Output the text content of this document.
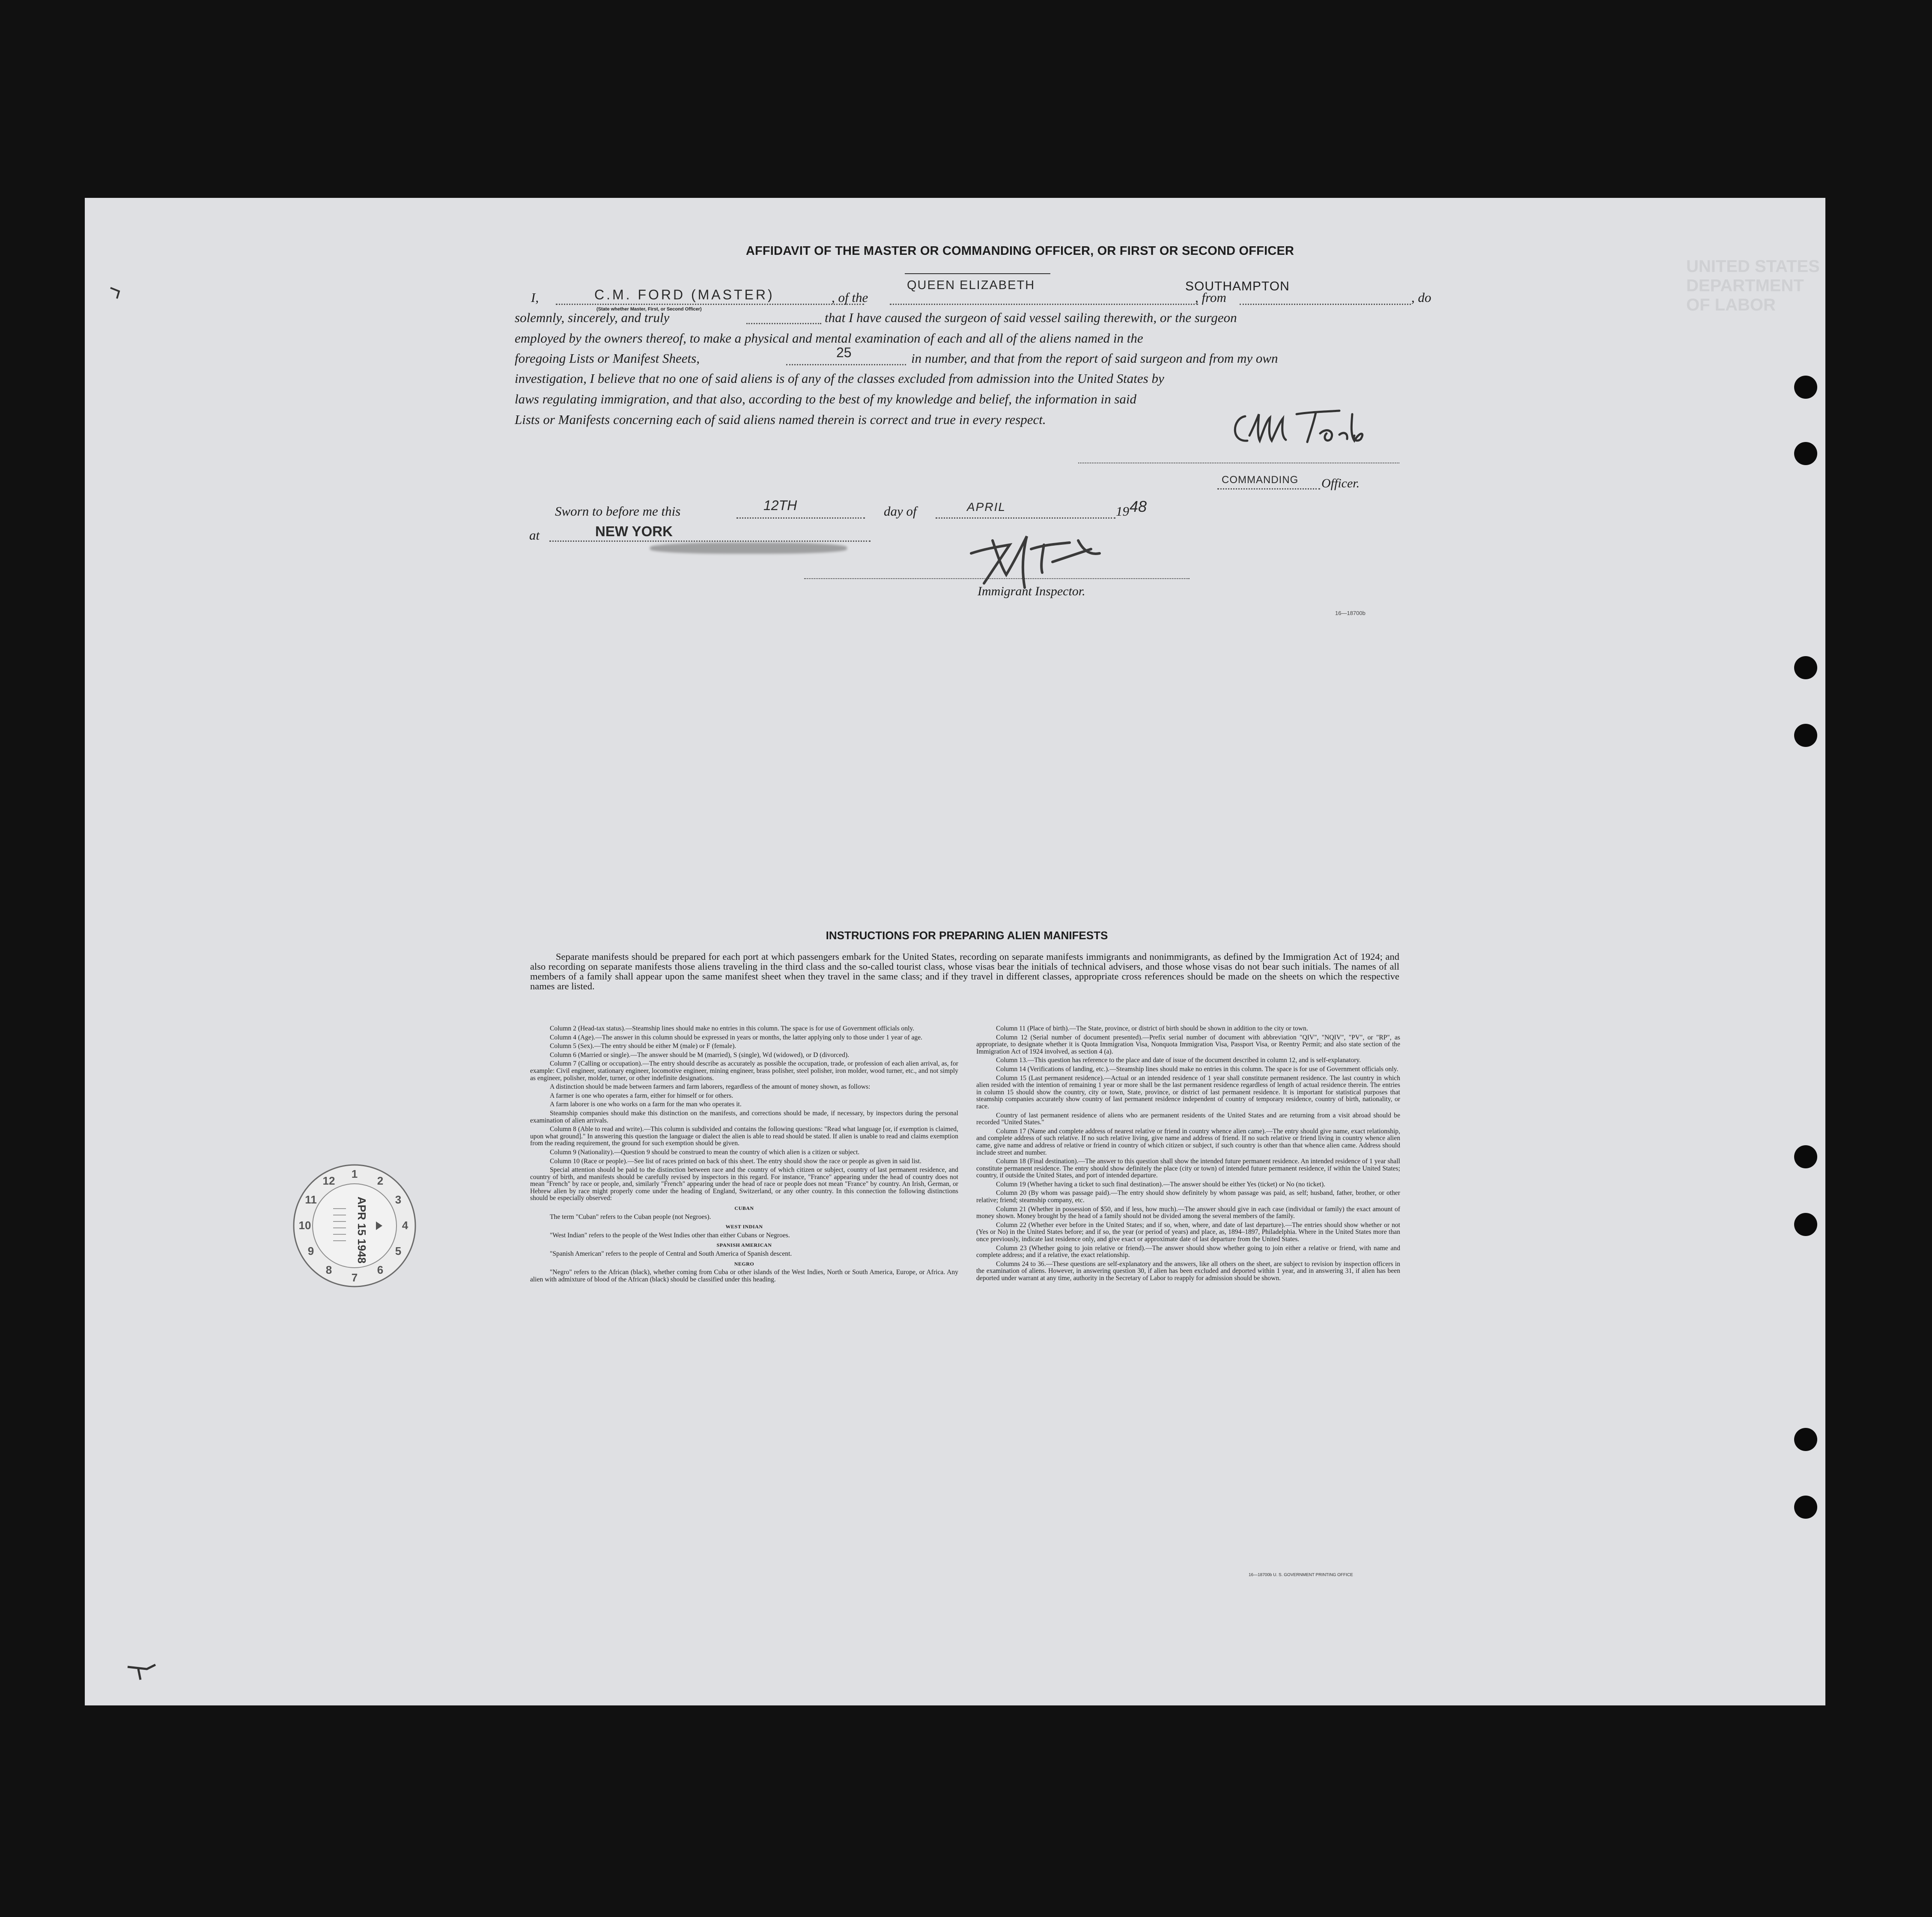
UNITED STATES DEPARTMENT OF LABOR
AFFIDAVIT OF THE MASTER OR COMMANDING OFFICER, OR FIRST OR SECOND OFFICER
I,	C.M. FORD (MASTER)
(State whether Master, First, or Second Officer)
, of the
QUEEN ELIZABETH
, from
SOUTHAMPTON
, do
solemnly, sincerely, and truly	that I have caused the surgeon of said vessel sailing therewith, or the surgeon
employed by the owners thereof, to make a physical and mental examination of each and all of the aliens named in the
foregoing Lists or Manifest Sheets,	25	in number, and that from the report of said surgeon and from my own
investigation, I believe that no one of said aliens is of any of the classes excluded from admission into the United States by
laws regulating immigration, and that also, according to the best of my knowledge and belief, the information in said
Lists or Manifests concerning each of said aliens named therein is correct and true in every respect.
COMMANDING Officer.
Sworn to before me this	12TH	day of	APRIL	19 48
at	NEW YORK
Immigrant Inspector.
16—18700b
INSTRUCTIONS FOR PREPARING ALIEN MANIFESTS

Separate manifests should be prepared for each port at which passengers embark for the United States, recording on separate manifests immigrants and nonimmigrants, as defined by the Immigration Act of 1924; and also recording on separate manifests those aliens traveling in the third class and the so-called tourist class, whose visas bear the initials of technical advisers, and those whose visas do not bear such initials. The names of all members of a family shall appear upon the same manifest sheet when they travel in the same class; and if they travel in different classes, appropriate cross references should be made on the sheets on which the respective names are listed.

Column 2 (Head-tax status).—Steamship lines should make no entries in this column. The space is for use of Government officials only.

Column 4 (Age).—The answer in this column should be expressed in years or months, the latter applying only to those under 1 year of age.

Column 5 (Sex).—The entry should be either M (male) or F (female).

Column 6 (Married or single).—The answer should be M (married), S (single), Wd (widowed), or D (divorced).

Column 7 (Calling or occupation).—The entry should describe as accurately as possible the occupation, trade, or profession of each alien arrival, as, for example: Civil engineer, stationary engineer, locomotive engineer, mining engineer, brass polisher, steel polisher, iron molder, wood turner, etc., and not simply as engineer, polisher, molder, turner, or other indefinite designations.

A distinction should be made between farmers and farm laborers, regardless of the amount of money shown, as follows:

A farmer is one who operates a farm, either for himself or for others.

A farm laborer is one who works on a farm for the man who operates it.

Steamship companies should make this distinction on the manifests, and corrections should be made, if necessary, by inspectors during the personal examination of alien arrivals.

Column 8 (Able to read and write).—This column is subdivided and contains the following questions: "Read what language [or, if exemption is claimed, upon what ground]." In answering this question the language or dialect the alien is able to read should be stated. If alien is unable to read and claims exemption from the reading requirement, the ground for such exemption should be given.

Column 9 (Nationality).—Question 9 should be construed to mean the country of which alien is a citizen or subject.

Column 10 (Race or people).—See list of races printed on back of this sheet. The entry should show the race or people as given in said list.

Special attention should be paid to the distinction between race and the country of which citizen or subject, country of last permanent residence, and country of birth, and manifests should be carefully revised by inspectors in this regard. For instance, "France" appearing under the head of country does not mean "French" by race or people, and, similarly "French" appearing under the head of race or people does not mean "France" by country. An Irish, German, or Hebrew alien by race might properly come under the heading of England, Switzerland, or any other country. In this connection the following distinctions should be especially observed:

CUBAN

The term "Cuban" refers to the Cuban people (not Negroes).

WEST INDIAN

"West Indian" refers to the people of the West Indies other than either Cubans or Negroes.

SPANISH AMERICAN

"Spanish American" refers to the people of Central and South America of Spanish descent.

NEGRO

"Negro" refers to the African (black), whether coming from Cuba or other islands of the West Indies, North or South America, Europe, or Africa. Any alien with admixture of blood of the African (black) should be classified under this heading.

Column 11 (Place of birth).—The State, province, or district of birth should be shown in addition to the city or town.

Column 12 (Serial number of document presented).—Prefix serial number of document with abbreviation "QIV", "NQIV", "PV", or "RP", as appropriate, to designate whether it is Quota Immigration Visa, Nonquota Immigration Visa, Passport Visa, or Reentry Permit; and also state section of the Immigration Act of 1924 involved, as section 4 (a).

Column 13.—This question has reference to the place and date of issue of the document described in column 12, and is self-explanatory.

Column 14 (Verifications of landing, etc.).—Steamship lines should make no entries in this column. The space is for use of Government officials only.

Column 15 (Last permanent residence).—Actual or an intended residence of 1 year shall constitute permanent residence. The last country in which alien resided with the intention of remaining 1 year or more shall be the last permanent residence regardless of length of actual residence therein. The entries in column 15 should show the country, city or town, State, province, or district of last permanent residence. It is important for statistical purposes that steamship companies accurately show country of last permanent residence independent of country of temporary residence, country of birth, nationality, or race.

Country of last permanent residence of aliens who are permanent residents of the United States and are returning from a visit abroad should be recorded "United States."

Column 17 (Name and complete address of nearest relative or friend in country whence alien came).—The entry should give name, exact relationship, and complete address of such relative. If no such relative living, give name and address of friend. If no such relative or friend living in country whence alien came, give name and address of relative or friend in country of which citizen or subject, if such country is other than that whence alien came. Address should include street and number.

Column 18 (Final destination).—The answer to this question shall show the intended future permanent residence. An intended residence of 1 year shall constitute permanent residence. The entry should show definitely the place (city or town) of intended future permanent residence, if within the United States; country, if outside the United States, and port of intended departure.

Column 19 (Whether having a ticket to such final destination).—The answer should be either Yes (ticket) or No (no ticket).

Column 20 (By whom was passage paid).—The entry should show definitely by whom passage was paid, as self; husband, father, brother, or other relative; friend; steamship company, etc.

Column 21 (Whether in possession of $50, and if less, how much).—The answer should give in each case (individual or family) the exact amount of money shown. Money brought by the head of a family should not be divided among the several members of the family.

Column 22 (Whether ever before in the United States; and if so, when, where, and date of last departure).—The entries should show whether or not (Yes or No) in the United States before; and if so, the year (or period of years) and place, as, 1894–1897, Philadelphia. Where in the United States more than once previously, indicate last residence only, and give exact or approximate date of last departure from the United States.

Column 23 (Whether going to join relative or friend).—The answer should show whether going to join either a relative or friend, with name and complete address; and if a relative, the exact relationship.

Columns 24 to 36.—These questions are self-explanatory and the answers, like all others on the sheet, are subject to revision by inspection officers in the examination of aliens. However, in answering question 30, if alien has been excluded and deported within 1 year, and in answering 31, if alien has been deported under warrant at any time, authority in the Secretary of Labor to reapply for admission should be shown.

16—18700b U. S. GOVERNMENT PRINTING OFFICE
1
2
3
4
5
6
7
8
9
10
11
12
APR 15 1948
